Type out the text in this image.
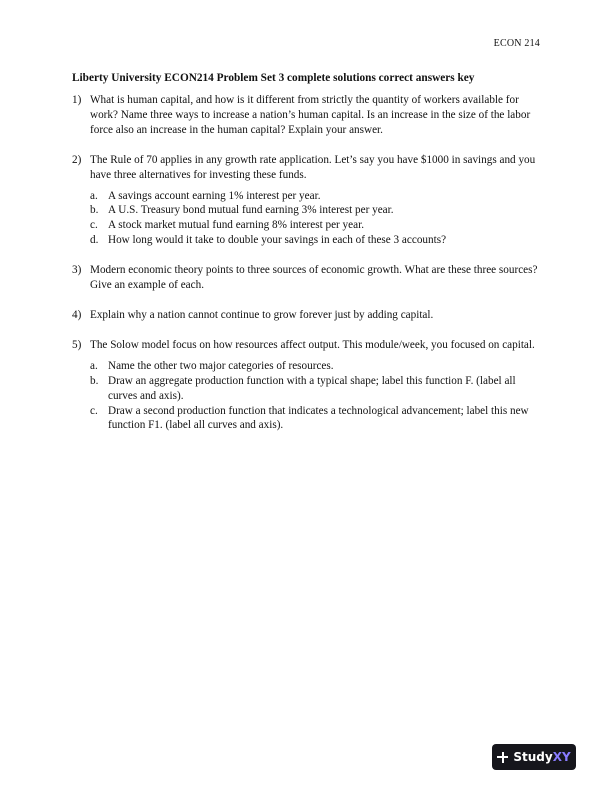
ECON 214
Liberty University ECON214 Problem Set 3 complete solutions correct answers key
1) What is human capital, and how is it different from strictly the quantity of workers available for work? Name three ways to increase a nation’s human capital. Is an increase in the size of the labor force also an increase in the human capital? Explain your answer.
2) The Rule of 70 applies in any growth rate application. Let’s say you have $1000 in savings and you have three alternatives for investing these funds.
a. A savings account earning 1% interest per year.
b. A U.S. Treasury bond mutual fund earning 3% interest per year.
c. A stock market mutual fund earning 8% interest per year.
d. How long would it take to double your savings in each of these 3 accounts?
3) Modern economic theory points to three sources of economic growth. What are these three sources? Give an example of each.
4) Explain why a nation cannot continue to grow forever just by adding capital.
5) The Solow model focus on how resources affect output. This module/week, you focused on capital.
a. Name the other two major categories of resources.
b. Draw an aggregate production function with a typical shape; label this function F. (label all curves and axis).
c. Draw a second production function that indicates a technological advancement; label this new function F1. (label all curves and axis).
StudyXY
